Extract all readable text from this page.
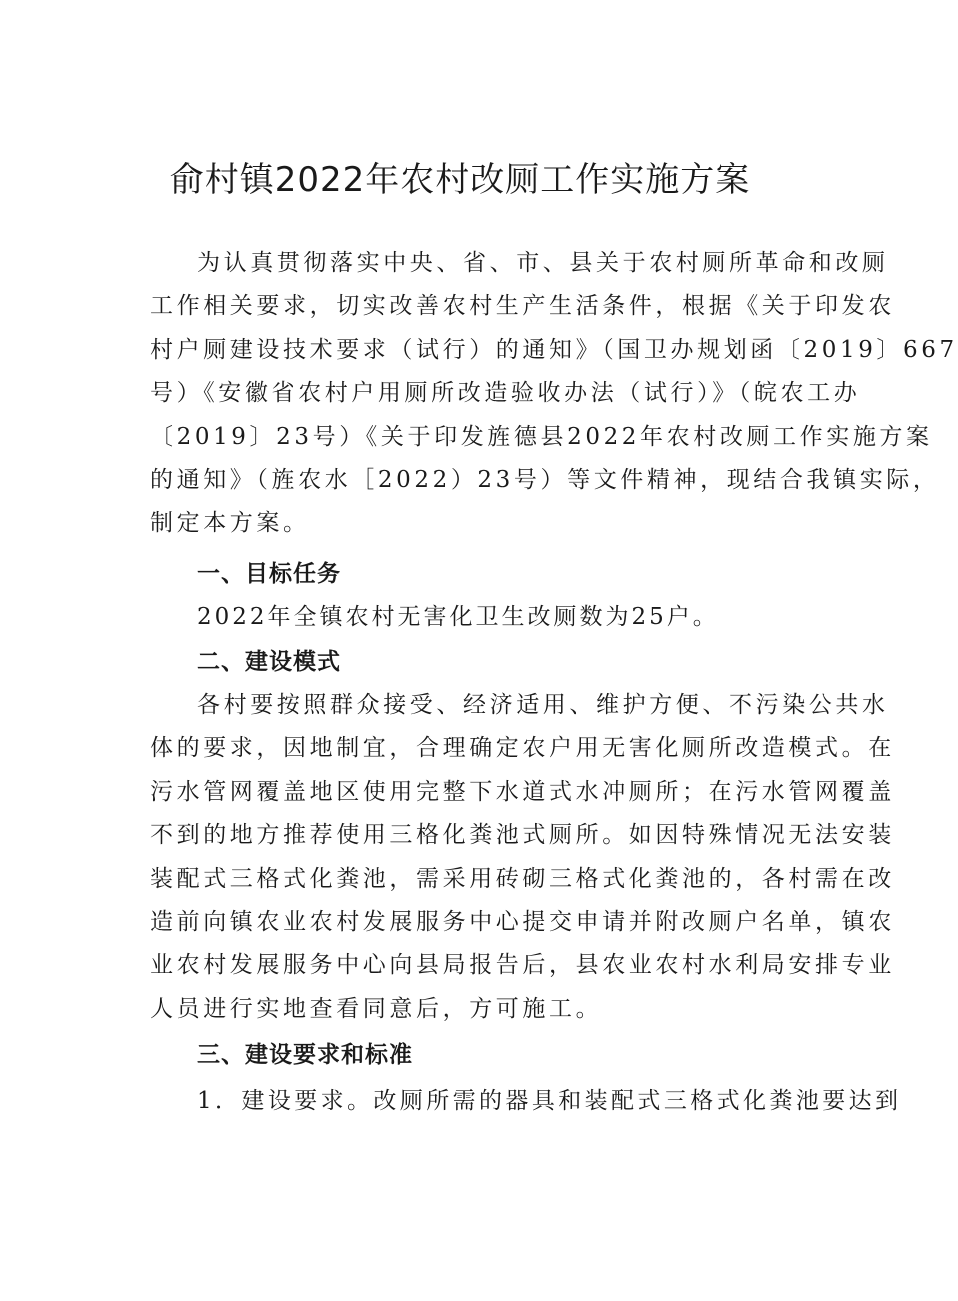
俞村镇2022年农村改厕工作实施方案
为认真贯彻落实中央、省、市、县关于农村厕所革命和改厕
工作相关要求，切实改善农村生产生活条件，根据《关于印发农
村户厕建设技术要求（试行）的通知》（国卫办规划函〔2019〕667
号）《安徽省农村户用厕所改造验收办法（试行）》（皖农工办
〔2019〕23号）《关于印发旌德县2022年农村改厕工作实施方案
的通知》（旌农水［2022）23号）等文件精神，现结合我镇实际，
制定本方案。
一、目标任务
2022年全镇农村无害化卫生改厕数为25户。
二、建设模式
各村要按照群众接受、经济适用、维护方便、不污染公共水
体的要求，因地制宜，合理确定农户用无害化厕所改造模式。在
污水管网覆盖地区使用完整下水道式水冲厕所；在污水管网覆盖
不到的地方推荐使用三格化粪池式厕所。如因特殊情况无法安装
装配式三格式化粪池，需采用砖砌三格式化粪池的，各村需在改
造前向镇农业农村发展服务中心提交申请并附改厕户名单，镇农
业农村发展服务中心向县局报告后，县农业农村水利局安排专业
人员进行实地查看同意后，方可施工。
三、建设要求和标准
1．建设要求。改厕所需的器具和装配式三格式化粪池要达到
